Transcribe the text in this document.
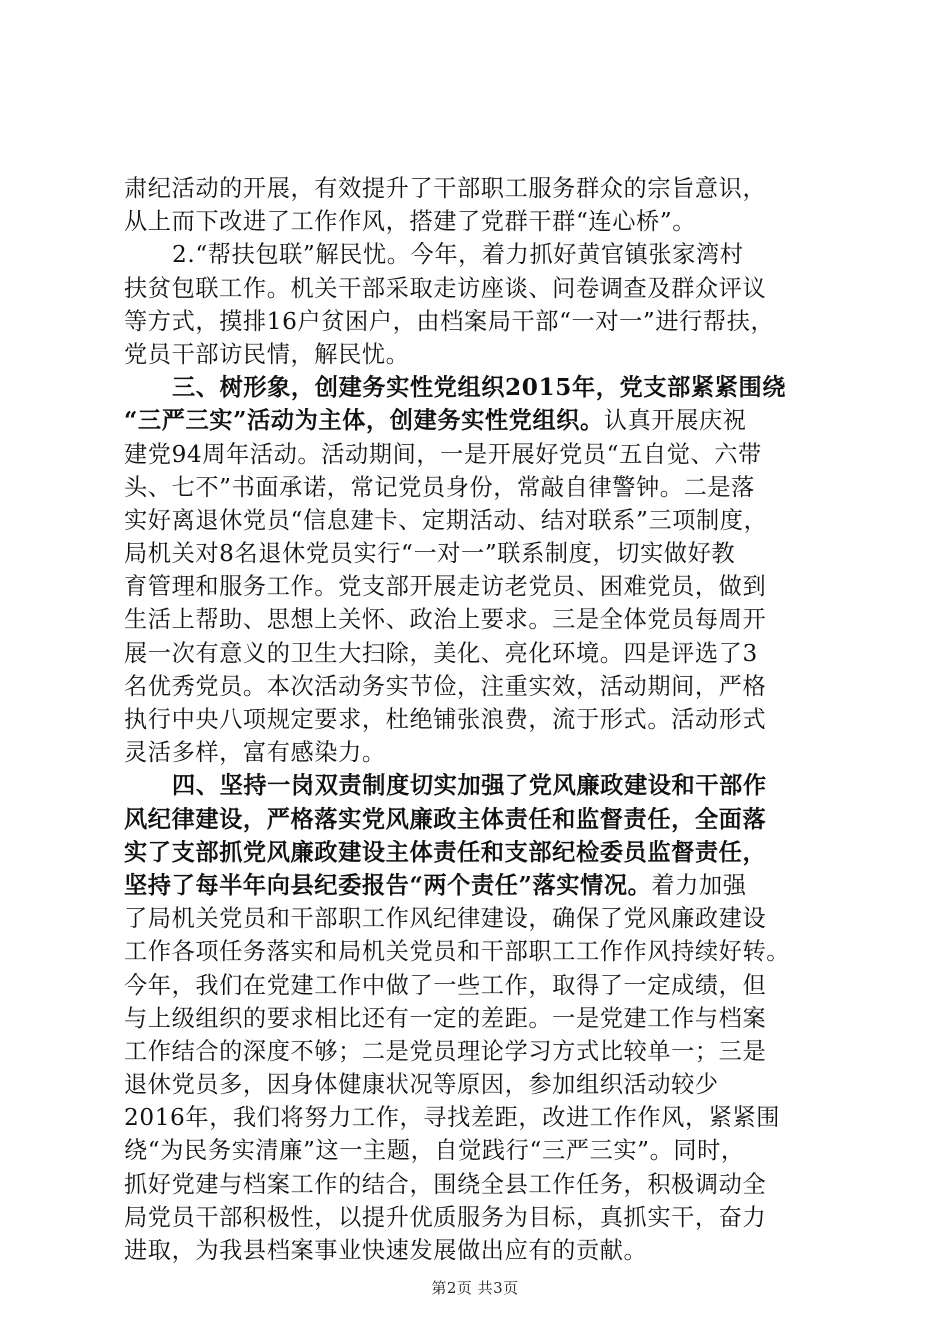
肃纪活动的开展，有效提升了干部职工服务群众的宗旨意识，
从上而下改进了工作作风，搭建了党群干群“连心桥”。
2.“帮扶包联”解民忧。今年，着力抓好黄官镇张家湾村
扶贫包联工作。机关干部采取走访座谈、问卷调查及群众评议
等方式，摸排16户贫困户，由档案局干部“一对一”进行帮扶，
党员干部访民情，解民忧。
三、树形象，创建务实性党组织2015年，党支部紧紧围绕
“三严三实”活动为主体，创建务实性党组织。认真开展庆祝
建党94周年活动。活动期间，一是开展好党员“五自觉、六带
头、七不”书面承诺，常记党员身份，常敲自律警钟。二是落
实好离退休党员“信息建卡、定期活动、结对联系”三项制度，
局机关对8名退休党员实行“一对一”联系制度，切实做好教
育管理和服务工作。党支部开展走访老党员、困难党员，做到
生活上帮助、思想上关怀、政治上要求。三是全体党员每周开
展一次有意义的卫生大扫除，美化、亮化环境。四是评选了3
名优秀党员。本次活动务实节俭，注重实效，活动期间，严格
执行中央八项规定要求，杜绝铺张浪费，流于形式。活动形式
灵活多样，富有感染力。
四、坚持一岗双责制度切实加强了党风廉政建设和干部作
风纪律建设，严格落实党风廉政主体责任和监督责任，全面落
实了支部抓党风廉政建设主体责任和支部纪检委员监督责任，
坚持了每半年向县纪委报告“两个责任”落实情况。着力加强
了局机关党员和干部职工作风纪律建设，确保了党风廉政建设
工作各项任务落实和局机关党员和干部职工工作作风持续好转。
今年，我们在党建工作中做了一些工作，取得了一定成绩，但
与上级组织的要求相比还有一定的差距。一是党建工作与档案
工作结合的深度不够；二是党员理论学习方式比较单一；三是
退休党员多，因身体健康状况等原因，参加组织活动较少
2016年，我们将努力工作，寻找差距，改进工作作风，紧紧围
绕“为民务实清廉”这一主题，自觉践行“三严三实”。同时，
抓好党建与档案工作的结合，围绕全县工作任务，积极调动全
局党员干部积极性，以提升优质服务为目标，真抓实干，奋力
进取，为我县档案事业快速发展做出应有的贡献。
第2页 共3页
